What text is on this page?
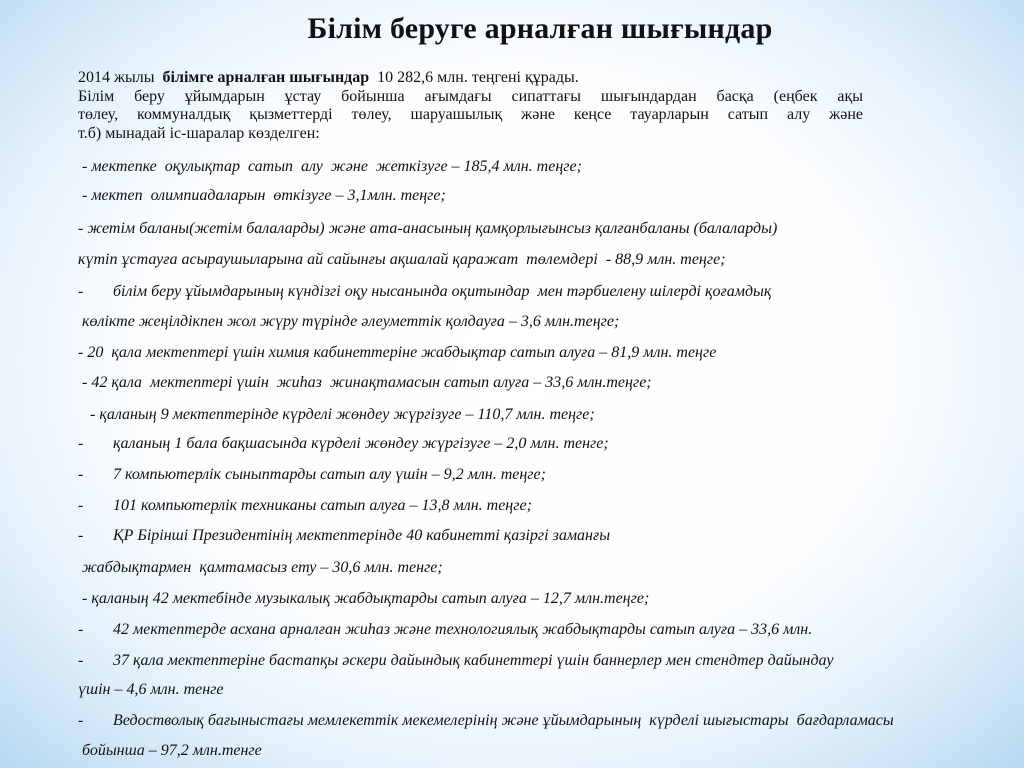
Білім беруге арналған шығындар
2014 жылы білімге арналған шығындар 10 282,6 млн. теңгені құрады.
Білім беру ұйымдарын ұстау бойынша ағымдағы сипаттағы шығындардан басқа (еңбек ақы
төлеу, коммуналдық қызметтерді төлеу, шаруашылық және кеңсе тауарларын сатып алу және
т.б) мынадай іс-шаралар көзделген:
- мектепке  оқулықтар  сатып  алу  және  жеткізуге – 185,4 млн. теңге;
- мектеп  олимпиадаларын  өткізуге – 3,1млн. теңге;
- жетім баланы(жетім балаларды) және ата-анасының қамқорлығынсыз қалғанбаланы (балаларды)
күтіп ұстауға асыраушыларына ай сайынғы ақшалай қаражат  төлемдері  - 88,9 млн. теңге;
- білім беру ұйымдарының күндізгі оқу нысанында оқитындар  мен тәрбиелену шілерді қоғамдық
көлікте жеңілдікпен жол жүру түрінде әлеуметтік қолдауға – 3,6 млн.теңге;
- 20  қала мектептері үшін химия кабинеттеріне жабдықтар сатып алуға – 81,9 млн. теңге
- 42 қала  мектептері үшін  жиһаз  жинақтамасын сатып алуға – 33,6 млн.теңге;
- қаланың 9 мектептерінде күрделі жөндеу жүргізуге – 110,7 млн. теңге;
- қаланың 1 бала бақшасында күрделі жөндеу жүргізуге – 2,0 млн. тенге;
- 7 компьютерлік сыныптарды сатып алу үшін – 9,2 млн. теңге;
- 101 компьютерлік техниканы сатып алуға – 13,8 млн. теңге;
- ҚР Бірінші Президентінің мектептерінде 40 кабинетті қазіргі заманғы
жабдықтармен  қамтамасыз ету – 30,6 млн. тенге;
- қаланың 42 мектебінде музыкалық жабдықтарды сатып алуға – 12,7 млн.теңге;
- 42 мектептерде асхана арналған жиһаз және технологиялық жабдықтарды сатып алуға – 33,6 млн.
- 37 қала мектептеріне бастапқы әскери дайындық кабинеттері үшін баннерлер мен стендтер дайындау
үшін – 4,6 млн. тенге
- Ведостволық бағыныстағы мемлекеттік мекемелерінің және ұйымдарының  күрделі шығыстары  бағдарламасы
бойынша – 97,2 млн.тенге
